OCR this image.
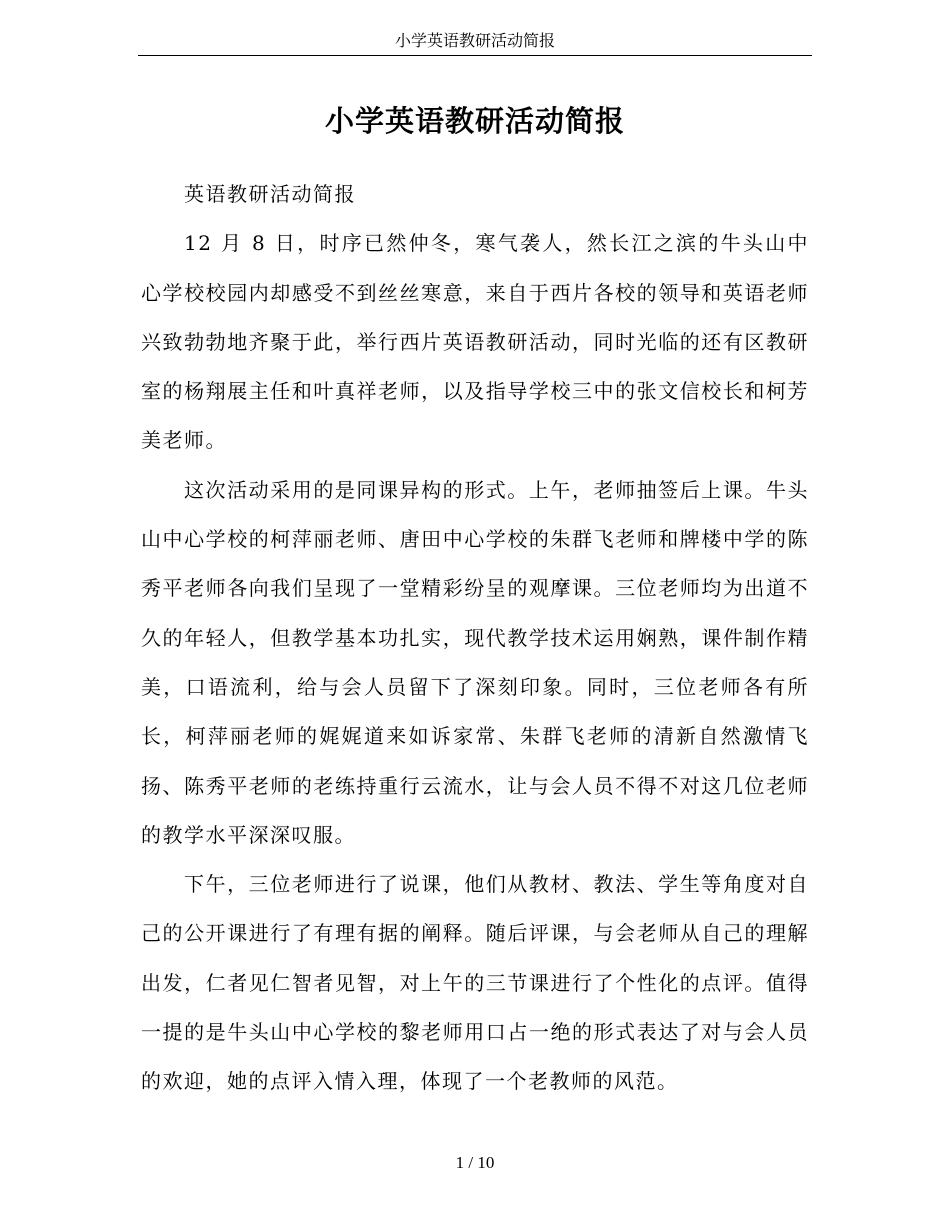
小学英语教研活动简报
小学英语教研活动简报

英语教研活动简报

12 月 8 日，时序已然仲冬，寒气袭人，然长江之滨的牛头山中心学校校园内却感受不到丝丝寒意，来自于西片各校的领导和英语老师兴致勃勃地齐聚于此，举行西片英语教研活动，同时光临的还有区教研室的杨翔展主任和叶真祥老师，以及指导学校三中的张文信校长和柯芳美老师。

这次活动采用的是同课异构的形式。上午，老师抽签后上课。牛头山中心学校的柯萍丽老师、唐田中心学校的朱群飞老师和牌楼中学的陈秀平老师各向我们呈现了一堂精彩纷呈的观摩课。三位老师均为出道不久的年轻人，但教学基本功扎实，现代教学技术运用娴熟，课件制作精美，口语流利，给与会人员留下了深刻印象。同时，三位老师各有所长，柯萍丽老师的娓娓道来如诉家常、朱群飞老师的清新自然激情飞扬、陈秀平老师的老练持重行云流水，让与会人员不得不对这几位老师的教学水平深深叹服。

下午，三位老师进行了说课，他们从教材、教法、学生等角度对自己的公开课进行了有理有据的阐释。随后评课，与会老师从自己的理解出发，仁者见仁智者见智，对上午的三节课进行了个性化的点评。值得一提的是牛头山中心学校的黎老师用口占一绝的形式表达了对与会人员的欢迎，她的点评入情入理，体现了一个老教师的风范。

1 / 10
